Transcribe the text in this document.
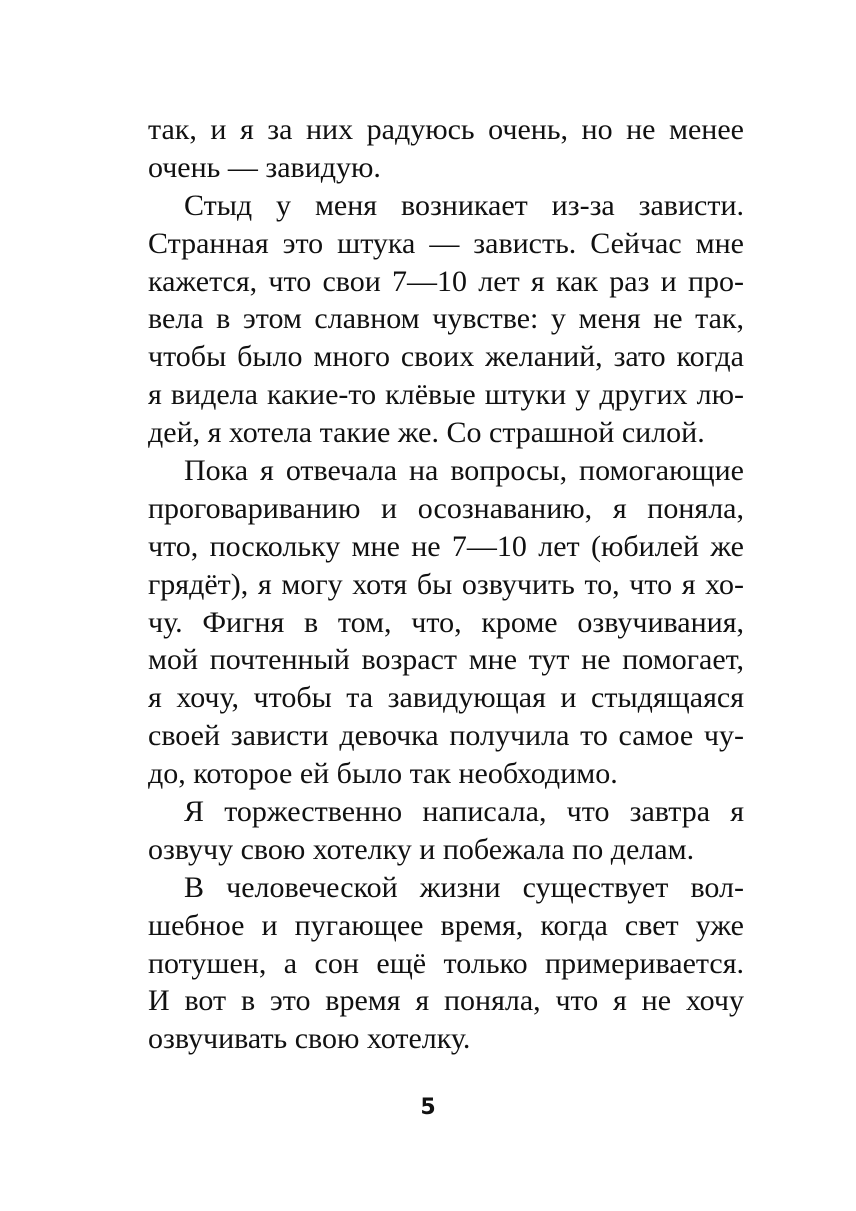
так, и я за них радуюсь очень, но не менее
очень — завидую.
Стыд у меня возникает из-за зависти.
Странная это штука — зависть. Сейчас мне
кажется, что свои 7—10 лет я как раз и про-
вела в этом славном чувстве: у меня не так,
чтобы было много своих желаний, зато когда
я видела какие-то клёвые штуки у других лю-
дей, я хотела такие же. Со страшной силой.
Пока я отвечала на вопросы, помогающие
проговариванию и осознаванию, я поняла,
что, поскольку мне не 7—10 лет (юбилей же
грядёт), я могу хотя бы озвучить то, что я хо-
чу. Фигня в том, что, кроме озвучивания,
мой почтенный возраст мне тут не помогает,
я хочу, чтобы та завидующая и стыдящаяся
своей зависти девочка получила то самое чу-
до, которое ей было так необходимо.
Я торжественно написала, что завтра я
озвучу свою хотелку и побежала по делам.
В человеческой жизни существует вол-
шебное и пугающее время, когда свет уже
потушен, а сон ещё только примеривается.
И вот в это время я поняла, что я не хочу
озвучивать свою хотелку.
5
